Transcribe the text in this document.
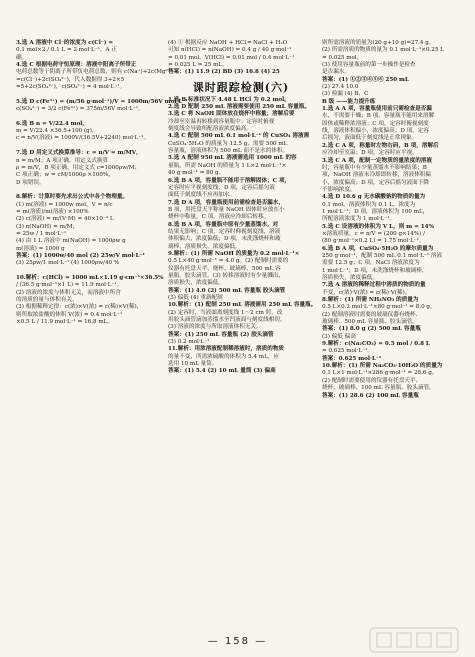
3.选 A 溶液中 Cl⁻的浓度为 c(Cl⁻) =
0.1 mol×2 / 0.1 L = 2 mol·L⁻¹，A 正
确。
4.选 C 根据电荷守恒原理：溶液中阳离子所带正
电荷总数等于阴离子所带负电荷总数，则有 c(Na⁺)+2c(Mg²⁺)
=c(Cl⁻)+2c(SO₄²⁻)，代入数据得 3+2×5
=5+2c(SO₄²⁻)，c(SO₄²⁻) = 4 mol·L⁻¹。

5.选 D c(Fe³⁺) = (m/56 g·mol⁻¹)/V = 1000m/56V mol·L⁻¹，
c(SO₄²⁻) = 3/2 c(Fe³⁺) = 375m/56V mol·L⁻¹。

6.选 B n = V/22.4 mol，
m = V/22.4 ×36.5+100 (g)，
c = n/V(溶液) = 1000V/(36.5V+2240) mol·L⁻¹。

7.选 D 用定义式换算推导：c = n/V = m/MV，
n = m/M；A 项正确，用定义式换算
ρ = m/V，B 项正确，用定义式 c=1000ρw/M；
C 项正确；w = cM/1000ρ ×100%，
D 项错误。

8.解析：计算时要先求出公式中各个物理量。
(1) m(溶液) = 1000w mol，V = n/c
= m(溶质)/m(溶液) ×100%
(2) c(溶液) = m/(V·M) = 40×10⁻³ L
(3) n(NaOH) = m/M；
= 25w / 1 mol·L⁻¹
(4) 由 1 L 溶液中 m(NaOH) = 1000ρw g
m(溶液) = 1000 g
答案：(1) 1000w/40 mol (2) 25w/V mol·L⁻¹
(3) 25ρw/1 mol·L⁻¹ (4) 1000ρw/40 %

10.解析：c(HCl) = 1000 mL×1.19 g·cm⁻³×36.5%
/ (36.5 g·mol⁻¹×1 L) = 11.9 mol·L⁻¹。
(2) 溶液的浓度与体积无关，而溶液中所含
的溶质的量与体积有关。
(3) 根据稀释定律：c(浓)×V(浓) = c(稀)×V(稀)，
则所取浓盐酸的体积 V(浓) = 0.4 mol·L⁻¹
×0.5 L / 11.9 mol·L⁻¹ = 16.8 mL。
(4) ① 根据反应 NaOH + HCl ═ NaCl + H₂O
可知 n(HCl) = n(NaOH) = 0.4 g / 40 g·mol⁻¹
= 0.01 mol，V(HCl) = 0.01 mol / 0.4 mol·L⁻¹
= 0.025 L = 25 mL。
答案：(1) 11.9 (2) BD (3) 16.8 (4) 25
课时跟踪检测(六)
1.选 B 标准状况下 4.48 L HCl 为 0.2 mol。
2.选 D 配制 250 mL 溶液需要使用 250 mL 容量瓶。
3.选 C 将 NaOH 固体放在烧杯中称量；溶解后要
冷却至室温再转移到容量瓶中；定容时俯视
刻度线会导致所配溶液浓度偏高。
4.选 C 配制 500 mL 0.1 mol·L⁻¹ 的 CuSO₄ 溶液需
CuSO₄·5H₂O 的质量为 12.5 g，需要 500 mL
容量瓶，溶液体积为 500 mL 而不是水的体积。
5.选 A 配制 950 mL 溶液需选用 1000 mL 的容
量瓶，所需 NaOH 的质量为 1 L×2 mol·L⁻¹×
40 g·mol⁻¹ = 80 g。
6.选 B A 项，容量瓶不能用于溶解固体；C 项，
定容时应平视刻度线；D 项，定容后摇匀液
面低于刻度线不应再加水。
7.选 D A 项，容量瓶使用前需检查是否漏水，
B 项，用托盘天平称量 NaOH 固体时应放在小
烧杯中称量，C 项，溶液应冷却后转移。
8.选 B A 项，容量瓶中原有少量蒸馏水，对
结果无影响；C 项，定容时仰视刻度线，溶液
体积偏大，浓度偏低；D 项，未洗涤烧杯和玻
璃棒，溶质损失，浓度偏低。
9.解析：(1) 所需 NaOH 的质量为 0.2 mol·L⁻¹×
0.5 L×40 g·mol⁻¹ = 4.0 g。(2) 配制时需要的
仪器有托盘天平、烧杯、玻璃棒、500 mL 容
量瓶、胶头滴管。(3) 转移溶液时有少量溅出，
溶质损失，浓度偏低。
答案：(1) 4.0 (2) 500 mL 容量瓶 胶头滴管
(3) 偏低 (4) 重新配制
10.解析：(1) 配制 250 mL 溶液需用 250 mL 容量瓶。
(2) 定容时，当液面离刻度线 1～2 cm 时，改
用胶头滴管滴加蒸馏水至凹液面与刻度线相切。
(3) 溶液的浓度与所取溶液体积无关。
答案：(1) 250 mL 容量瓶 (2) 胶头滴管
(3) 0.2 mol·L⁻¹
11.解析：用浓溶液配制稀溶液时，溶质的物质
的量不变，所需浓硫酸的体积为 5.4 mL，应
选用 10 mL 量筒。
答案：(1) 5.4 (2) 10 mL 量筒 (3) 偏高
则所需溶液的质量为(20 g+10 g)=27.4 g。
(2) 所需溶质的物质的量为 0.1 mol·L⁻¹×0.25 L
= 0.025 mol。
(3) 使用容量瓶前的第一步操作是检查
是否漏水。
答案：(1) ①②③④⑤⑥ 250 mL
(2) 27.4 10.0
(3) 检漏 (4) B、C
B 级 ——能力提升练
1.选 A A 项，容量瓶使用前只需检查是否漏
水，不需要干燥；B 项，容量瓶不能用来溶解
固体或稀释浓溶液；C 项，定容时俯视刻度
线，溶液体积偏小，浓度偏高；D 项，定容
后摇匀，液面低于刻度线是正常现象。
2.选 C A 项，称量时左物右码，B 项，溶解后
应冷却至室温；D 项，定容时应平视。
3.选 C A 项，配制一定物质的量浓度的溶液
时，容量瓶中有少量蒸馏水不影响结果；B
项，NaOH 溶液未冷却即转移，溶液体积偏
小，浓度偏高；D 项，定容后摇匀液面下降
不影响浓度。
4.选 D 10.6 g 无水碳酸钠的物质的量为
0.1 mol，溶液体积为 0.1 L，浓度为
1 mol·L⁻¹；D 项，溶液体积为 100 mL，
所配溶液浓度为 1 mol·L⁻¹。
5.选 C 设溶液的体积为 V L，则 m = 14%
×溶液质量，c = n/V = (200 g×14%) /
(80 g·mol⁻¹×0.2 L) = 1.75 mol·L⁻¹。
6.选 B A 项，CuSO₄·5H₂O 的摩尔质量为
250 g·mol⁻¹，配制 500 mL 0.1 mol·L⁻¹ 溶液
需要 12.5 g；C 项，NaCl 溶液浓度为
1 mol·L⁻¹；D 项，未洗涤烧杯和玻璃棒，
溶质损失，浓度偏低。
7.选 A 溶液的稀释过程中溶质的物质的量
不变，c(浓)·V(浓) = c(稀)·V(稀)。
8.解析：(1) 所需 NH₄NO₃ 的质量为
0.5 L×0.2 mol·L⁻¹×80 g·mol⁻¹ = 8.0 g。
(2) 配制溶液时需要的玻璃仪器有烧杯、
玻璃棒、500 mL 容量瓶、胶头滴管。
答案：(1) 8.0 g (2) 500 mL 容量瓶
(3) 偏低 偏高
9.解析：c(Na₂CO₃) = 0.5 mol / 0.8 L
= 0.625 mol·L⁻¹。
答案：0.625 mol·L⁻¹
10.解析：(1) 所需 Na₂CO₃·10H₂O 的质量为
0.1 L×1 mol·L⁻¹×286 g·mol⁻¹ = 28.6 g。
(2) 配制时需要使用的仪器有托盘天平、
烧杯、玻璃棒、100 mL 容量瓶、胶头滴管。
答案：(1) 28.6 (2) 100 mL 容量瓶
— 158 —
